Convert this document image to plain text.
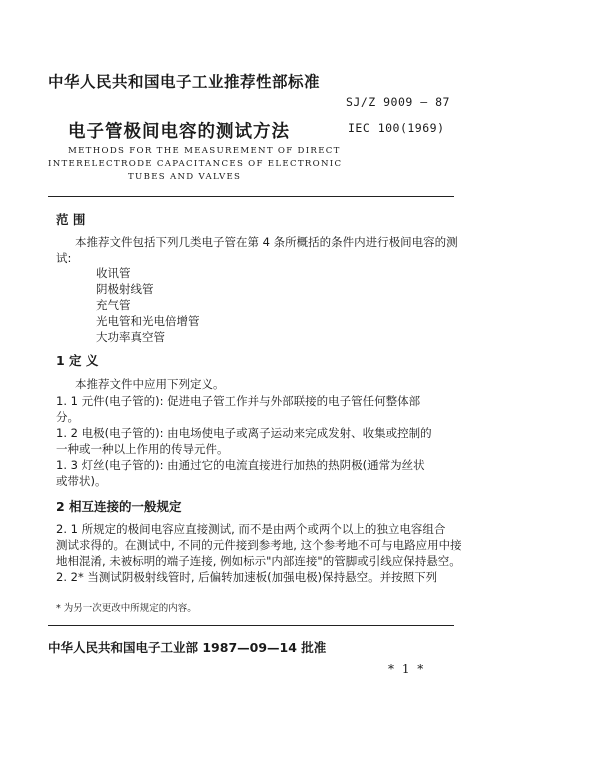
中华人民共和国电子工业推荐性部标准
SJ/Z 9009 — 87
电子管极间电容的测试方法	IEC 100(1969)
METHODS FOR THE MEASUREMENT OF DIRECT
INTERELECTRODE CAPACITANCES OF ELECTRONIC
TUBES AND VALVES
范 围
本推荐文件包括下列几类电子管在第 4 条所概括的条件内进行极间电容的测
试:
收讯管
阴极射线管
充气管
光电管和光电倍增管
大功率真空管
1 定 义
本推荐文件中应用下列定义。
1. 1 元件(电子管的): 促进电子管工作并与外部联接的电子管任何整体部
分。
1. 2 电极(电子管的): 由电场使电子或离子运动来完成发射、收集或控制的
一种或一种以上作用的传导元件。
1. 3 灯丝(电子管的): 由通过它的电流直接进行加热的热阴极(通常为丝状
或带状)。
2 相互连接的一般规定
2. 1 所规定的极间电容应直接测试, 而不是由两个或两个以上的独立电容组合
测试求得的。在测试中, 不同的元件接到参考地, 这个参考地不可与电路应用中接
地相混淆, 未被标明的端子连接, 例如标示"内部连接"的管脚或引线应保持悬空。
2. 2* 当测试阴极射线管时, 后偏转加速板(加强电极)保持悬空。并按照下列
* 为另一次更改中所规定的内容。
中华人民共和国电子工业部 1987—09—14 批准
* 1 *
